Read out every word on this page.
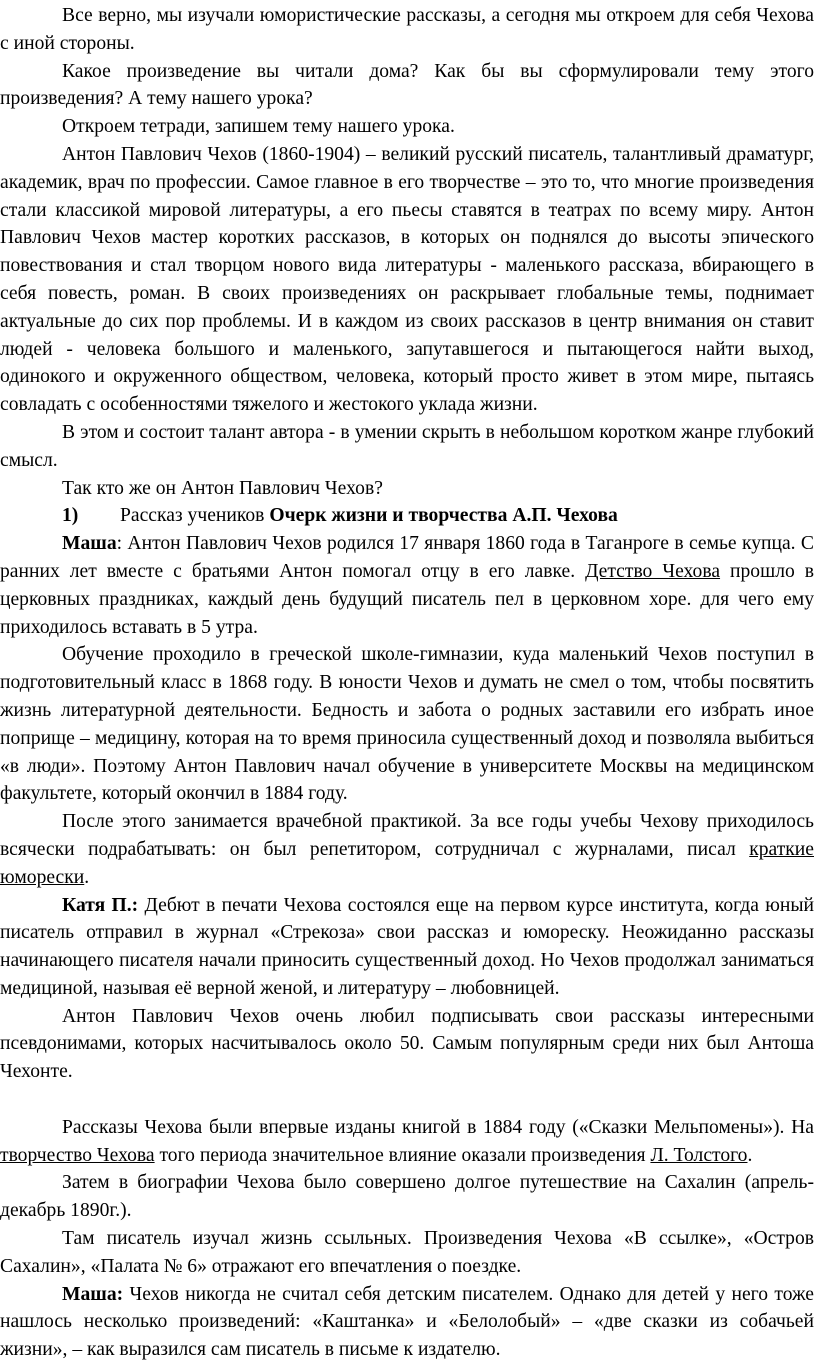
Все верно, мы изучали юмористические рассказы, а сегодня мы откроем для себя Чехова с иной стороны.

Какое произведение вы читали дома? Как бы вы сформулировали тему этого произведения? А тему нашего урока?

Откроем тетради, запишем тему нашего урока.

Антон Павлович Чехов (1860-1904) – великий русский писатель, талантливый драматург, академик, врач по профессии. Самое главное в его творчестве – это то, что многие произведения стали классикой мировой литературы, а его пьесы ставятся в театрах по всему миру. Антон Павлович Чехов мастер коротких рассказов, в которых он поднялся до высоты эпического повествования и стал творцом нового вида литературы - маленького рассказа, вбирающего в себя повесть, роман. В своих произведениях он раскрывает глобальные темы, поднимает актуальные до сих пор проблемы. И в каждом из своих рассказов в центр внимания он ставит людей - человека большого и маленького, запутавшегося и пытающегося найти выход, одинокого и окруженного обществом, человека, который просто живет в этом мире, пытаясь совладать с особенностями тяжелого и жестокого уклада жизни.

В этом и состоит талант автора - в умении скрыть в небольшом коротком жанре глубокий смысл.

Так кто же он Антон Павлович Чехов?

1) Рассказ учеников Очерк жизни и творчества А.П. Чехова

Маша: Антон Павлович Чехов родился 17 января 1860 года в Таганроге в семье купца. С ранних лет вместе с братьями Антон помогал отцу в его лавке. Детство Чехова прошло в церковных праздниках, каждый день будущий писатель пел в церковном хоре. для чего ему приходилось вставать в 5 утра.

Обучение проходило в греческой школе-гимназии, куда маленький Чехов поступил в подготовительный класс в 1868 году. В юности Чехов и думать не смел о том, чтобы посвятить жизнь литературной деятельности. Бедность и забота о родных заставили его избрать иное поприще – медицину, которая на то время приносила существенный доход и позволяла выбиться «в люди». Поэтому Антон Павлович начал обучение в университете Москвы на медицинском факультете, который окончил в 1884 году.

После этого занимается врачебной практикой. За все годы учебы Чехову приходилось всячески подрабатывать: он был репетитором, сотрудничал с журналами, писал краткие юморески.

Катя П.: Дебют в печати Чехова состоялся еще на первом курсе института, когда юный писатель отправил в журнал «Стрекоза» свои рассказ и юмореску. Неожиданно рассказы начинающего писателя начали приносить существенный доход. Но Чехов продолжал заниматься медициной, называя её верной женой, и литературу – любовницей.

Антон Павлович Чехов очень любил подписывать свои рассказы интересными псевдонимами, которых насчитывалось около 50. Самым популярным среди них был Антоша Чехонте.

Рассказы Чехова были впервые изданы книгой в 1884 году («Сказки Мельпомены»). На творчество Чехова того периода значительное влияние оказали произведения Л. Толстого.

Затем в биографии Чехова было совершено долгое путешествие на Сахалин (апрель-декабрь 1890г.).

Там писатель изучал жизнь ссыльных. Произведения Чехова «В ссылке», «Остров Сахалин», «Палата № 6» отражают его впечатления о поездке.

Маша: Чехов никогда не считал себя детским писателем. Однако для детей у него тоже нашлось несколько произведений: «Каштанка» и «Белолобый» – «две сказки из собачьей жизни», – как выразился сам писатель в письме к издателю.
